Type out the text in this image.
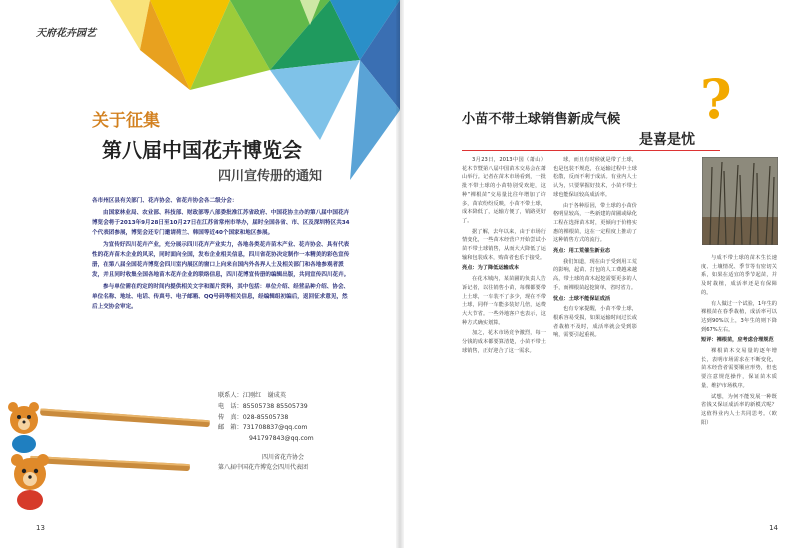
天府花卉园艺
关于征集
第八届中国花卉博览会
四川宣传册的通知

各市州区县有关部门、花卉协会、省花卉协会各二级分会：

由国家林业局、农业部、科技部、财政部等八部委批准江苏省政府、中国花协主办的第八届中国花卉博览会将于2013年9月28日至10月27日在江苏省常州市举办，届时全国各省、市、区及深圳特区共34个代表团参展，博览会还专门邀请荷兰、韩国等近40个国家和地区参展。

为宣传好四川花卉产业，充分展示四川花卉产业实力，各地各类花卉苗木产业、花卉协会、具有代表性的花卉苗木企业的风采，同时面向全国，发布企业相关信息，四川省花协决定制作一本精美的彩色宣传册，在第八届全国花卉博览会四川室内展区的窗口上向来自国内外各界人士及相关部门和各地参观者派发，并且同时收集全国各地苗木花卉企业的联络信息，四川花博宣传册的编辑出版，共同宣传四川花卉。

参与单位需在约定的时间内提供相关文字和图片资料，其中包括：单位介绍、经营品种介绍、协会、单位名称、地址、电话、传真号、电子邮箱、QQ号码等相关信息，经编辑组初编后，返回征求意见，然后上交协会审定。

联系人：江刚红　谢成英
电　话：85505738 85505739
传　真：028-85505738
邮　箱：731708837@qq.com
941797843@qq.com
四川省花卉协会
第八届中国花卉博览会四川代表团
13
小苗不带土球销售新成气候 ?
是喜是忧

3月23日，2013中国（萧山）花木节暨第八届中国苗木交易会在萧山举行。记者在苗木市场看到，一批批不带土球的小苗特别受欢迎，这种“裸根苗”交易量比往年增加了许多，苗农纷纷反映，小苗不带土球，成本降低了，运输方便了，销路更好了。

据了解，去年以来，由于市场行情变化，一些苗木经营户开始尝试小苗不带土球销售，从而大大降低了运输和包装成本，购苗者也乐于接受。

亮点：为了降低运输成本

在花木城内，某苗圃的负责人告诉记者，以往销售小苗，每棵都要带上土球，一车装不了多少，现在不带土球，同样一车能多装好几倍，运费大大节省。一些外地客户也表示，这种方式确实划算。

加之，花木市场竞争激烈，每一分钱的成本都要算清楚，小苗不带土球销售，正好迎合了这一需求。

球，而且有时候就是带了土球，也是包装不规范，在运输过程中土球松散，反而不利于成活。有业内人士认为，只要掌握好技术，小苗不带土球也能保证较高成活率。

由于各种原因，带土球的小苗价格明显较高，一些新建的苗圃或绿化工程在选择苗木时，更倾向于价格实惠的裸根苗，这在一定程度上推动了这种销售方式的流行。

亮点：用工荒催生新业态

我们知道，现在由于受到用工荒的影响，起苗、打包的人工费越来越高，带土球的苗木起挖需要更多的人手，而裸根苗起挖简单，省时省力。

忧点：土球不能保证成活

也有专家提醒，小苗不带土球，根系容易受损，如果运输时间过长或者栽植不及时，成活率就会受到影响，需要引起重视。

与成不带土球的苗木生长速度、土壤情况、季节等有密切关系，如果在适宜的季节起苗，并及时栽植，成活率还是有保障的。

有人做过一个试验，1年生的裸根苗在春季栽植，成活率可以达到90%以上，3年生的则下降到67%左右。

短评：裸根苗，应考虑合理规范

裸根苗木交易量的逐年增长，表明市场需求在不断变化，苗木经营者需要顺应形势，但也要注意规范操作，保证苗木质量，维护市场秩序。

试想，为何不能发展一种既省钱又保证成活率的新模式呢？这值得业内人士共同思考。（欧阳）

14
